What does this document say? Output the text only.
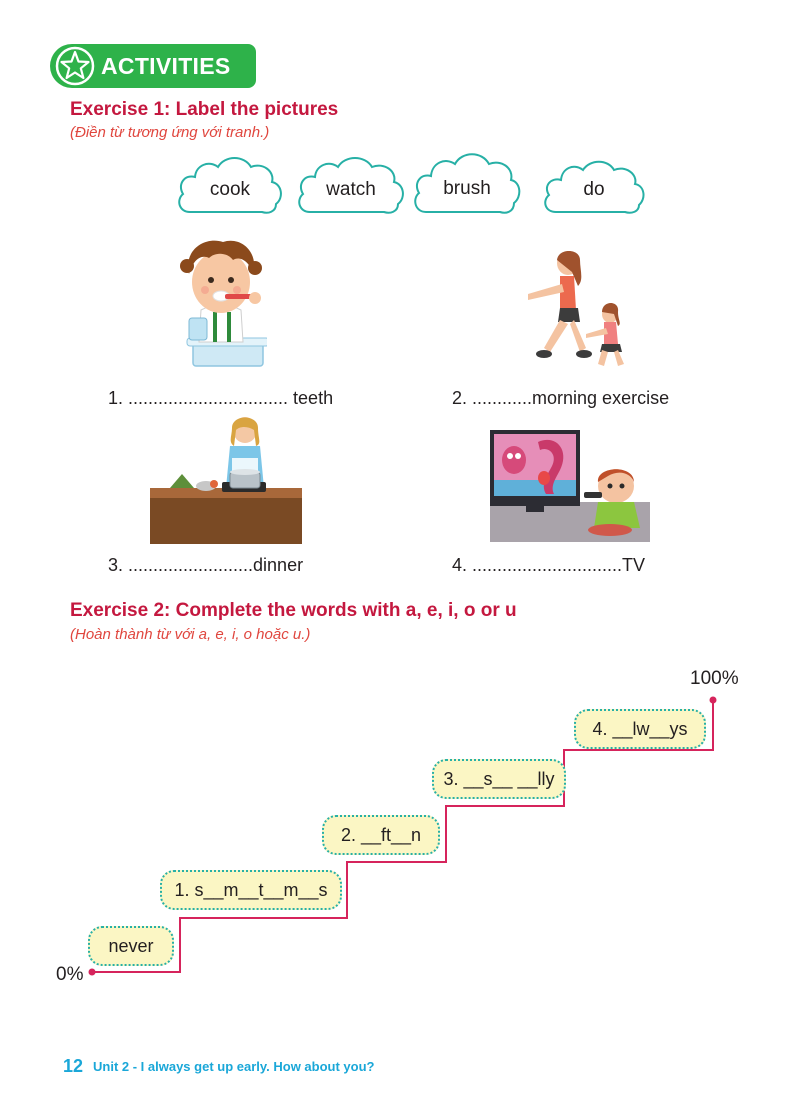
ACTIVITIES
Exercise 1: Label the pictures
(Điền từ tương ứng với tranh.)
cook	watch	brush	do
1. ................................ teeth	2. ............morning exercise
3. .........................dinner	4. ..............................TV
Exercise 2: Complete the words with a, e, i, o or u
(Hoàn thành từ với a, e, i, o hoặc u.)
0%
100%
never
1. s__m__t__m__s
2. __ft__n
3. __s__ __lly
4. __lw__ys
12 Unit 2 - I always get up early. How about you?
